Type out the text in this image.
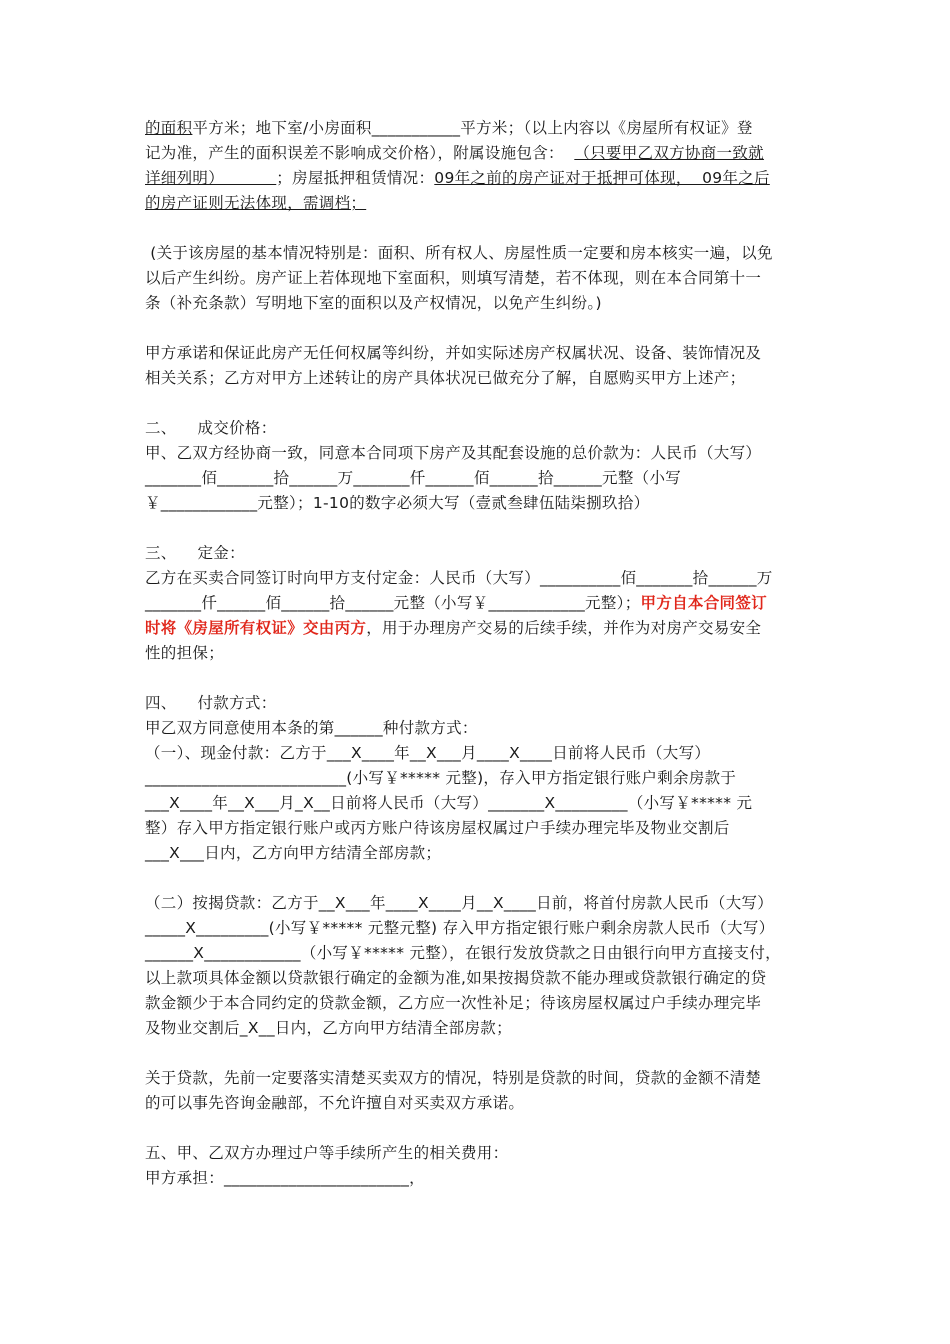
的面积平方米；地下室/小房面积___________平方米；（以上内容以《房屋所有权证》登
记为准，产生的面积误差不影响成交价格），附属设施包含：  （只要甲乙双方协商一致就
详细列明）          ；房屋抵押租赁情况：09年之前的房产证对于抵押可体现，  09年之后
的房产证则无法体现，需调档；
(关于该房屋的基本情况特别是：面积、所有权人、房屋性质一定要和房本核实一遍，以免
以后产生纠纷。房产证上若体现地下室面积，则填写清楚，若不体现，则在本合同第十一
条（补充条款）写明地下室的面积以及产权情况，以免产生纠纷。)
甲方承诺和保证此房产无任何权属等纠纷，并如实际述房产权属状况、设备、装饰情况及
相关关系；乙方对甲方上述转让的房产具体状况已做充分了解，自愿购买甲方上述产；
二、    成交价格：
甲、乙双方经协商一致，同意本合同项下房产及其配套设施的总价款为：人民币（大写）
_______佰_______拾______万_______仟______佰______拾______元整（小写
￥____________元整）；1-10的数字必须大写（壹贰叁肆伍陆柒捌玖拾）
三、    定金：
乙方在买卖合同签订时向甲方支付定金：人民币（大写）__________佰_______拾______万
_______仟______佰______拾______元整（小写￥____________元整）；甲方自本合同签订
时将《房屋所有权证》交由丙方，用于办理房产交易的后续手续，并作为对房产交易安全
性的担保；
四、    付款方式：
甲乙双方同意使用本条的第______种付款方式：
（一）、现金付款：乙方于___X____年__X___月____X____日前将人民币（大写）
_________________________(小写￥***** 元整)，存入甲方指定银行账户剩余房款于
___X____年__X___月_X__日前将人民币（大写）_______X_________（小写￥***** 元
整）存入甲方指定银行账户或丙方账户待该房屋权属过户手续办理完毕及物业交割后
___X___日内，乙方向甲方结清全部房款；
（二）按揭贷款：乙方于__X___年____X____月__X____日前，将首付房款人民币（大写）
_____X_________(小写￥***** 元整元整) 存入甲方指定银行账户剩余房款人民币（大写）
______X____________（小写￥***** 元整），在银行发放贷款之日由银行向甲方直接支付，
以上款项具体金额以贷款银行确定的金额为准,如果按揭贷款不能办理或贷款银行确定的贷
款金额少于本合同约定的贷款金额，乙方应一次性补足；待该房屋权属过户手续办理完毕
及物业交割后_X__日内，乙方向甲方结清全部房款；
关于贷款，先前一定要落实清楚买卖双方的情况，特别是贷款的时间，贷款的金额不清楚
的可以事先咨询金融部，不允许擅自对买卖双方承诺。
五、甲、乙双方办理过户等手续所产生的相关费用：
甲方承担：_______________________，
